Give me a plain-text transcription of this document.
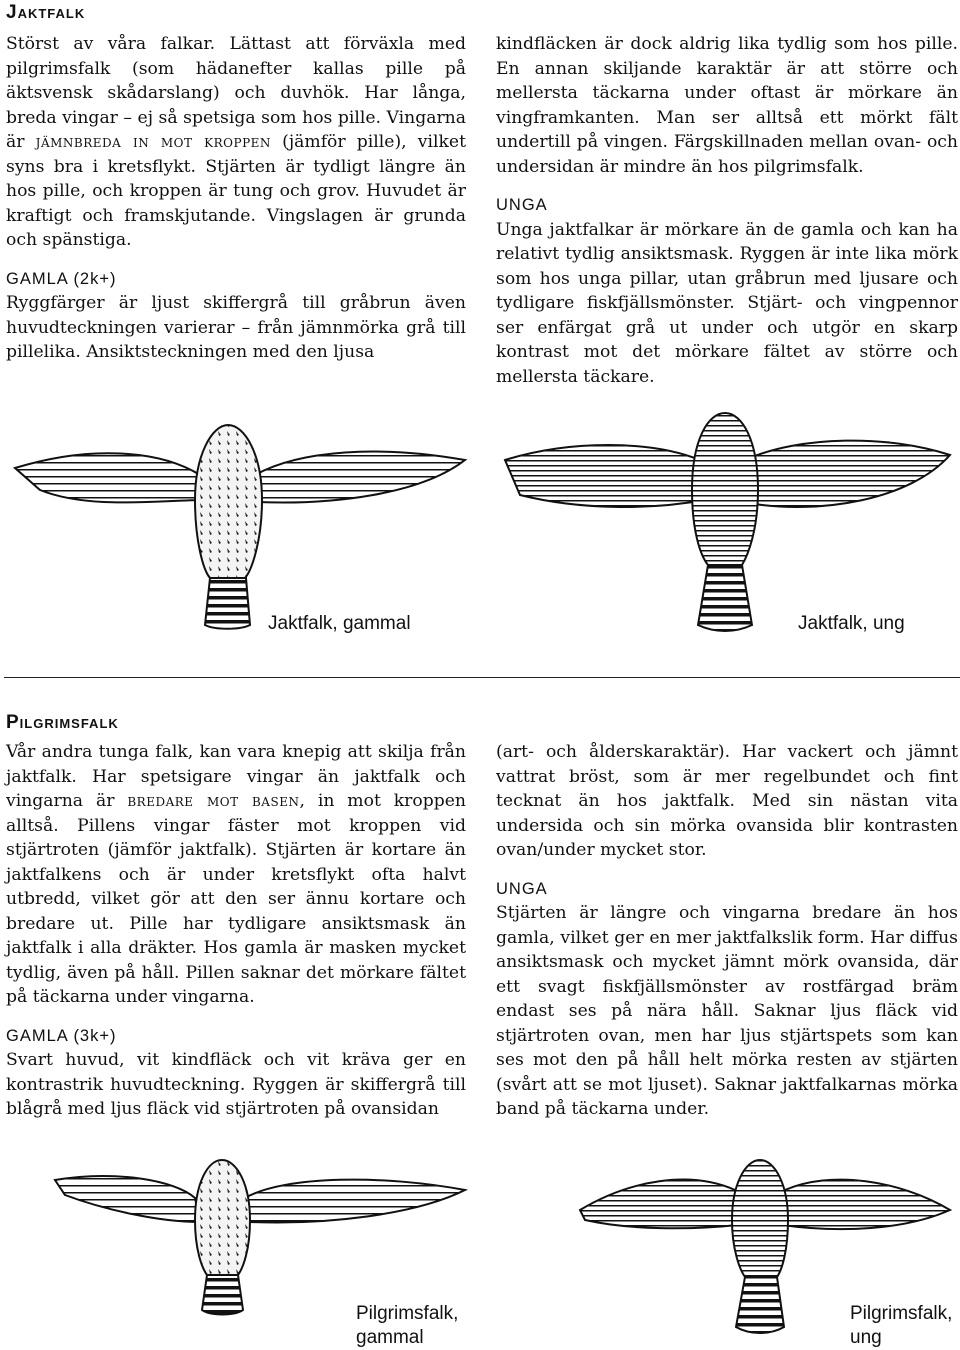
Jaktfalk

Störst av våra falkar. Lättast att förväxla med pilgrimsfalk (som hädanefter kallas pille på äktsvensk skådarslang) och duvhök. Har långa, breda vingar – ej så spetsiga som hos pille. Vingarna är jämnbreda in mot kroppen (jämför pille), vilket syns bra i kretsflykt. Stjärten är tydligt längre än hos pille, och kroppen är tung och grov. Huvudet är kraftigt och framskjutande. Vingslagen är grunda och spänstiga.

GAMLA (2k+)

Ryggfärger är ljust skiffergrå till gråbrun även huvudteckningen varierar – från jämnmörka grå till pillelika. Ansiktsteckningen med den ljusa

kindfläcken är dock aldrig lika tydlig som hos pille. En annan skiljande karaktär är att större och mellersta täckarna under oftast är mörkare än vingframkanten. Man ser alltså ett mörkt fält undertill på vingen. Färgskillnaden mellan ovan- och undersidan är mindre än hos pilgrimsfalk.

UNGA

Unga jaktfalkar är mörkare än de gamla och kan ha relativt tydlig ansiktsmask. Ryggen är inte lika mörk som hos unga pillar, utan gråbrun med ljusare och tydligare fiskfjällsmönster. Stjärt- och vingpennor ser enfärgat grå ut under och utgör en skarp kontrast mot det mörkare fältet av större och mellersta täckare.

Jaktfalk, gammal	Jaktfalk, ung
Pilgrimsfalk

Vår andra tunga falk, kan vara knepig att skilja från jaktfalk. Har spetsigare vingar än jaktfalk och vingarna är bredare mot basen, in mot kroppen alltså. Pillens vingar fäster mot kroppen vid stjärtroten (jämför jaktfalk). Stjärten är kortare än jaktfalkens och är under kretsflykt ofta halvt utbredd, vilket gör att den ser ännu kortare och bredare ut. Pille har tydligare ansiktsmask än jaktfalk i alla dräkter. Hos gamla är masken mycket tydlig, även på håll. Pillen saknar det mörkare fältet på täckarna under vingarna.

GAMLA (3k+)

Svart huvud, vit kindfläck och vit kräva ger en kontrastrik huvudteckning. Ryggen är skiffergrå till blågrå med ljus fläck vid stjärtroten på ovansidan

(art- och ålderskaraktär). Har vackert och jämnt vattrat bröst, som är mer regelbundet och fint tecknat än hos jaktfalk. Med sin nästan vita undersida och sin mörka ovansida blir kontrasten ovan/under mycket stor.

UNGA

Stjärten är längre och vingarna bredare än hos gamla, vilket ger en mer jaktfalkslik form. Har diffus ansiktsmask och mycket jämnt mörk ovansida, där ett svagt fiskfjällsmönster av rostfärgad bräm endast ses på nära håll. Saknar ljus fläck vid stjärtroten ovan, men har ljus stjärtspets som kan ses mot den på håll helt mörka resten av stjärten (svårt att se mot ljuset). Saknar jaktfalkarnas mörka band på täckarna under.

Pilgrimsfalk,
gammal
Pilgrimsfalk,
ung
